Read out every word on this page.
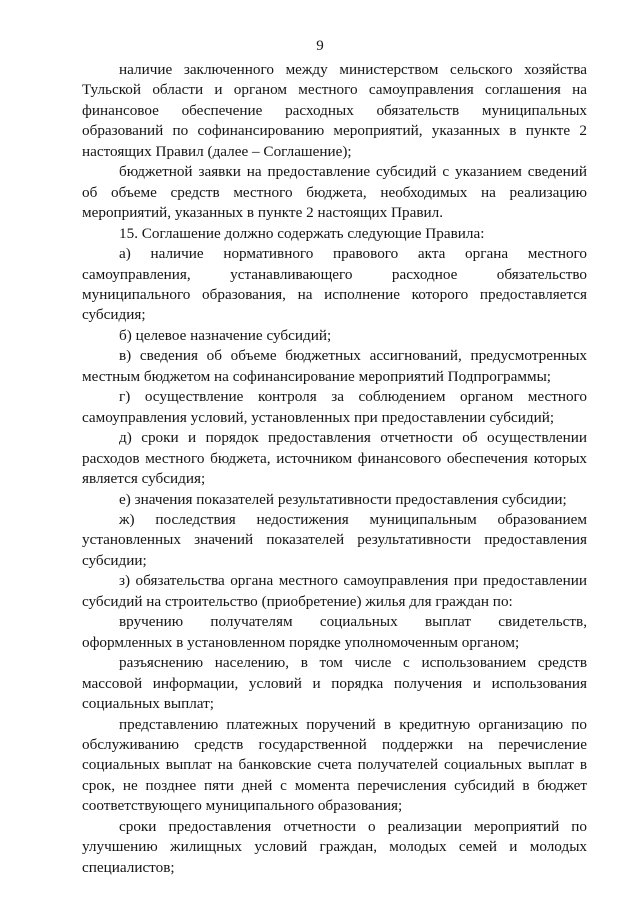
9

наличие заключенного между министерством сельского хозяйства Тульской области и органом местного самоуправления соглашения на финансовое обеспечение расходных обязательств муниципальных образований по софинансированию мероприятий, указанных в пункте 2 настоящих Правил (далее – Соглашение);

бюджетной заявки на предоставление субсидий с указанием сведений об объеме средств местного бюджета, необходимых на реализацию мероприятий, указанных в пункте 2 настоящих Правил.

15. Соглашение должно содержать следующие Правила:

а) наличие нормативного правового акта органа местного самоуправления, устанавливающего расходное обязательство муниципального образования, на исполнение которого предоставляется субсидия;

б) целевое назначение субсидий;

в) сведения об объеме бюджетных ассигнований, предусмотренных местным бюджетом на софинансирование мероприятий Подпрограммы;

г) осуществление контроля за соблюдением органом местного самоуправления условий, установленных при предоставлении субсидий;

д) сроки и порядок предоставления отчетности об осуществлении расходов местного бюджета, источником финансового обеспечения которых является субсидия;

е) значения показателей результативности предоставления субсидии;

ж) последствия недостижения муниципальным образованием установленных значений показателей результативности предоставления субсидии;

з) обязательства органа местного самоуправления при предоставлении субсидий на строительство (приобретение) жилья для граждан по:

вручению получателям социальных выплат свидетельств, оформленных в установленном порядке уполномоченным органом;

разъяснению населению, в том числе с использованием средств массовой информации, условий и порядка получения и использования социальных выплат;

представлению платежных поручений в кредитную организацию по обслуживанию средств государственной поддержки на перечисление социальных выплат на банковские счета получателей социальных выплат в срок, не позднее пяти дней с момента перечисления субсидий в бюджет соответствующего муниципального образования;

сроки предоставления отчетности о реализации мероприятий по улучшению жилищных условий граждан, молодых семей и молодых специалистов;
